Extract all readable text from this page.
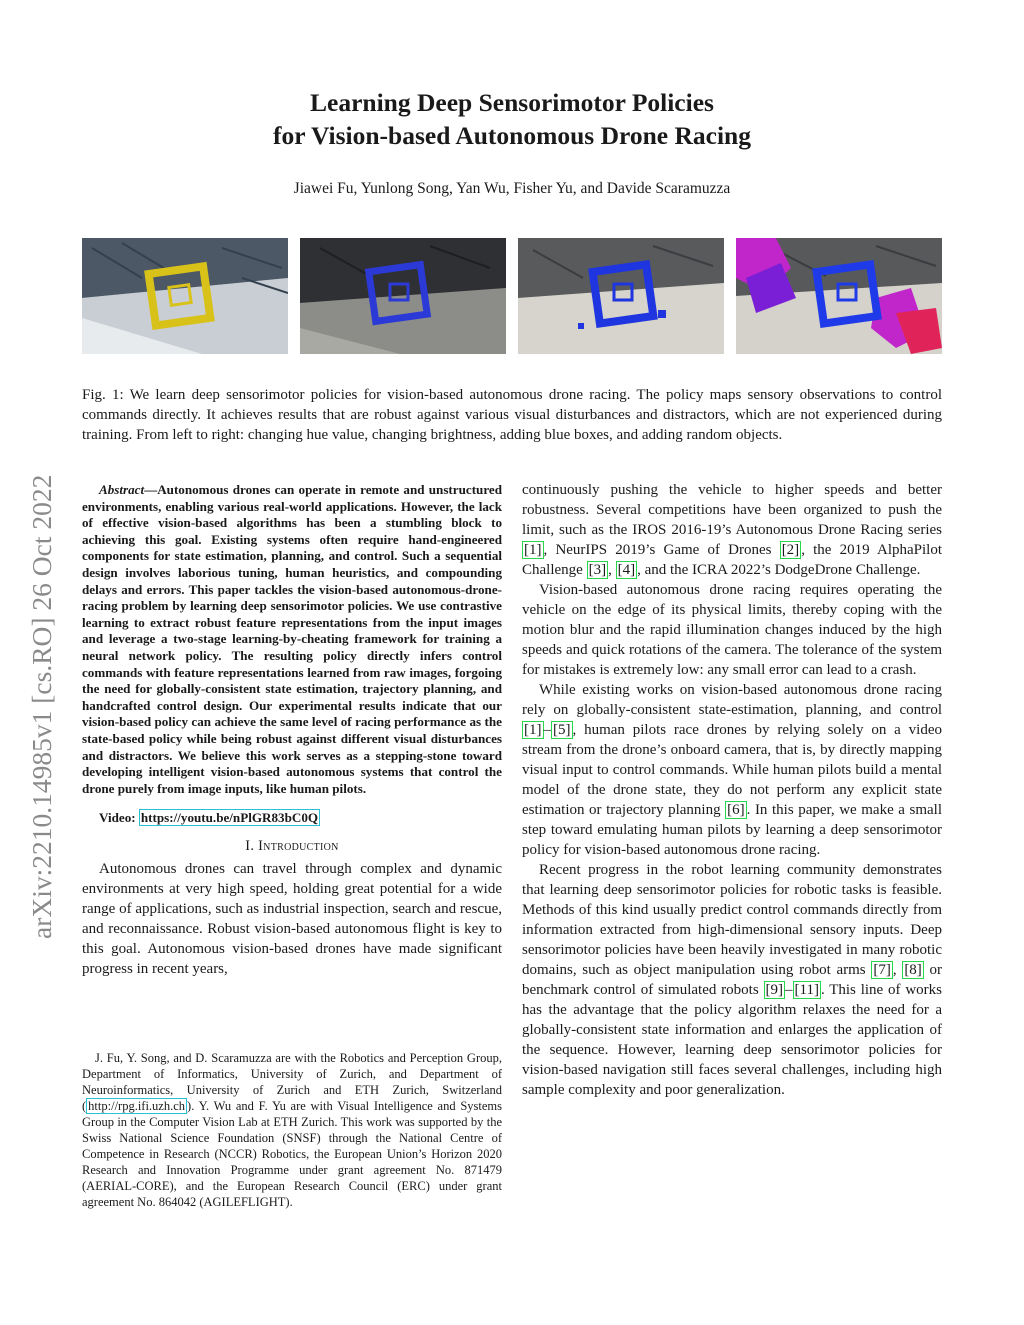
Learning Deep Sensorimotor Policies
for Vision-based Autonomous Drone Racing
Jiawei Fu, Yunlong Song, Yan Wu, Fisher Yu, and Davide Scaramuzza
arXiv:2210.14985v1 [cs.RO] 26 Oct 2022
Fig. 1: We learn deep sensorimotor policies for vision-based autonomous drone racing. The policy maps sensory observations to control commands directly. It achieves results that are robust against various visual disturbances and distractors, which are not experienced during training. From left to right: changing hue value, changing brightness, adding blue boxes, and adding random objects.

Abstract—Autonomous drones can operate in remote and unstructured environments, enabling various real-world applications. However, the lack of effective vision-based algorithms has been a stumbling block to achieving this goal. Existing systems often require hand-engineered components for state estimation, planning, and control. Such a sequential design involves laborious tuning, human heuristics, and compounding delays and errors. This paper tackles the vision-based autonomous-drone-racing problem by learning deep sensorimotor policies. We use contrastive learning to extract robust feature representations from the input images and leverage a two-stage learning-by-cheating framework for training a neural network policy. The resulting policy directly infers control commands with feature representations learned from raw images, forgoing the need for globally-consistent state estimation, trajectory planning, and handcrafted control design. Our experimental results indicate that our vision-based policy can achieve the same level of racing performance as the state-based policy while being robust against different visual disturbances and distractors. We believe this work serves as a stepping-stone toward developing intelligent vision-based autonomous systems that control the drone purely from image inputs, like human pilots.

Video: https://youtu.be/nPlGR83bC0Q
I. Introduction

Autonomous drones can travel through complex and dynamic environments at very high speed, holding great potential for a wide range of applications, such as industrial inspection, search and rescue, and reconnaissance. Robust vision-based autonomous flight is key to this goal. Autonomous vision-based drones have made significant progress in recent years,

J. Fu, Y. Song, and D. Scaramuzza are with the Robotics and Perception Group, Department of Informatics, University of Zurich, and Department of Neuroinformatics, University of Zurich and ETH Zurich, Switzerland ( http://rpg.ifi.uzh.ch ). Y. Wu and F. Yu are with Visual Intelligence and Systems Group in the Computer Vision Lab at ETH Zurich. This work was supported by the Swiss National Science Foundation (SNSF) through the National Centre of Competence in Research (NCCR) Robotics, the European Union’s Horizon 2020 Research and Innovation Programme under grant agreement No. 871479 (AERIAL-CORE), and the European Research Council (ERC) under grant agreement No. 864042 (AGILEFLIGHT).

continuously pushing the vehicle to higher speeds and better robustness. Several competitions have been organized to push the limit, such as the IROS 2016-19’s Autonomous Drone Racing series [1] , NeurIPS 2019’s Game of Drones [2] , the 2019 AlphaPilot Challenge [3] , [4] , and the ICRA 2022’s DodgeDrone Challenge.

Vision-based autonomous drone racing requires operating the vehicle on the edge of its physical limits, thereby coping with the motion blur and the rapid illumination changes induced by the high speeds and quick rotations of the camera. The tolerance of the system for mistakes is extremely low: any small error can lead to a crash.

While existing works on vision-based autonomous drone racing rely on globally-consistent state-estimation, planning, and control [1] – [5] , human pilots race drones by relying solely on a video stream from the drone’s onboard camera, that is, by directly mapping visual input to control commands. While human pilots build a mental model of the drone state, they do not perform any explicit state estimation or trajectory planning [6] . In this paper, we make a small step toward emulating human pilots by learning a deep sensorimotor policy for vision-based autonomous drone racing.

Recent progress in the robot learning community demonstrates that learning deep sensorimotor policies for robotic tasks is feasible. Methods of this kind usually predict control commands directly from information extracted from high-dimensional sensory inputs. Deep sensorimotor policies have been heavily investigated in many robotic domains, such as object manipulation using robot arms [7] , [8] or benchmark control of simulated robots [9] – [11] . This line of works has the advantage that the policy algorithm relaxes the need for a globally-consistent state information and enlarges the application of the sequence. However, learning deep sensorimotor policies for vision-based navigation still faces several challenges, including high sample complexity and poor generalization.
